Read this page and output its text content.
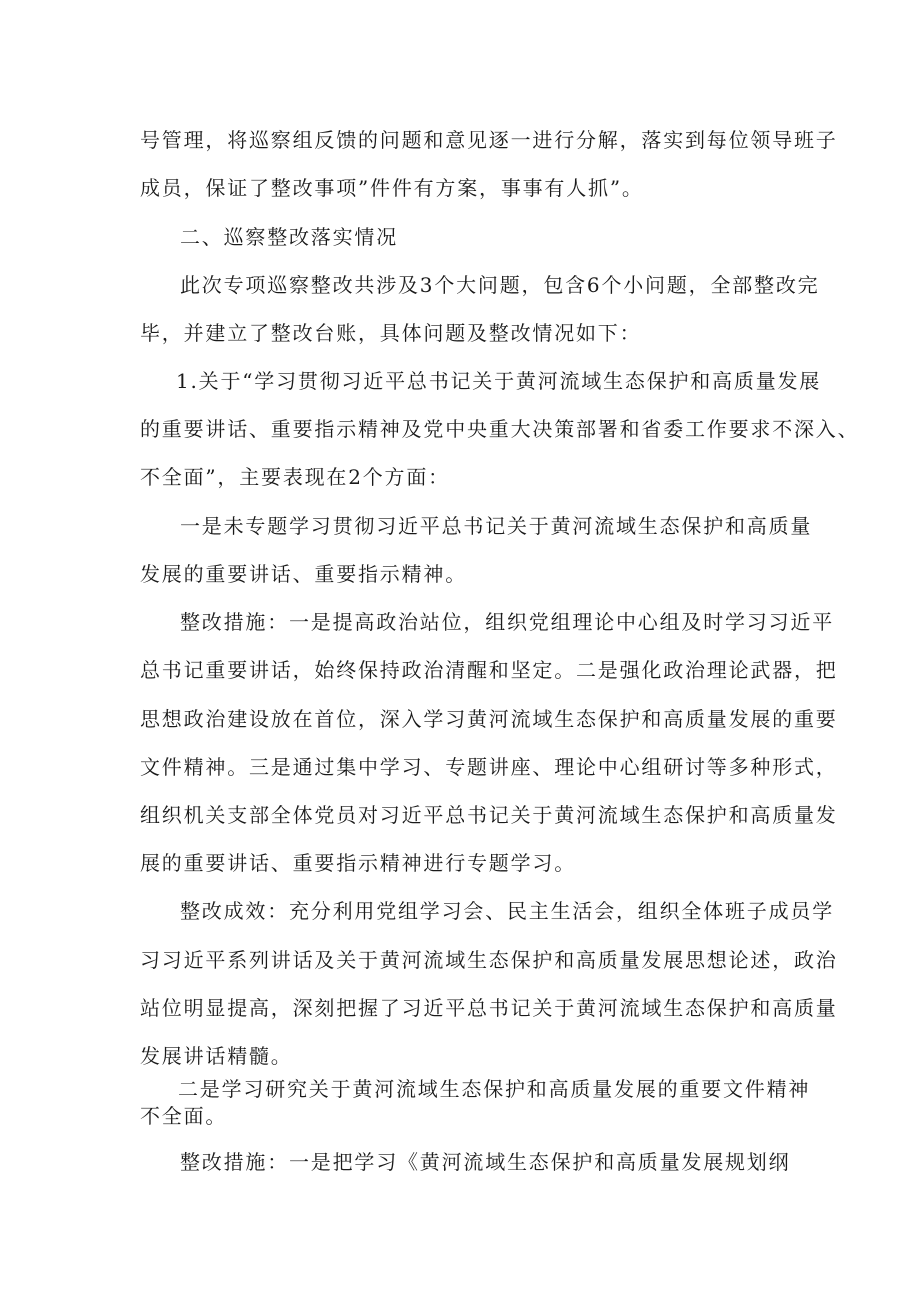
号管理，将巡察组反馈的问题和意见逐一进行分解，落实到每位领导班子
成员，保证了整改事项”件件有方案，事事有人抓”。
二、巡察整改落实情况
此次专项巡察整改共涉及3个大问题，包含6个小问题，全部整改完
毕，并建立了整改台账，具体问题及整改情况如下：
1.关于“学习贯彻习近平总书记关于黄河流域生态保护和高质量发展
的重要讲话、重要指示精神及党中央重大决策部署和省委工作要求不深入、
不全面”，主要表现在2个方面：
一是未专题学习贯彻习近平总书记关于黄河流域生态保护和高质量
发展的重要讲话、重要指示精神。
整改措施：一是提高政治站位，组织党组理论中心组及时学习习近平
总书记重要讲话，始终保持政治清醒和坚定。二是强化政治理论武器，把
思想政治建设放在首位，深入学习黄河流域生态保护和高质量发展的重要
文件精神。三是通过集中学习、专题讲座、理论中心组研讨等多种形式，
组织机关支部全体党员对习近平总书记关于黄河流域生态保护和高质量发
展的重要讲话、重要指示精神进行专题学习。
整改成效：充分利用党组学习会、民主生活会，组织全体班子成员学
习习近平系列讲话及关于黄河流域生态保护和高质量发展思想论述，政治
站位明显提高，深刻把握了习近平总书记关于黄河流域生态保护和高质量
发展讲话精髓。
二是学习研究关于黄河流域生态保护和高质量发展的重要文件精神
不全面。
整改措施：一是把学习《黄河流域生态保护和高质量发展规划纲
